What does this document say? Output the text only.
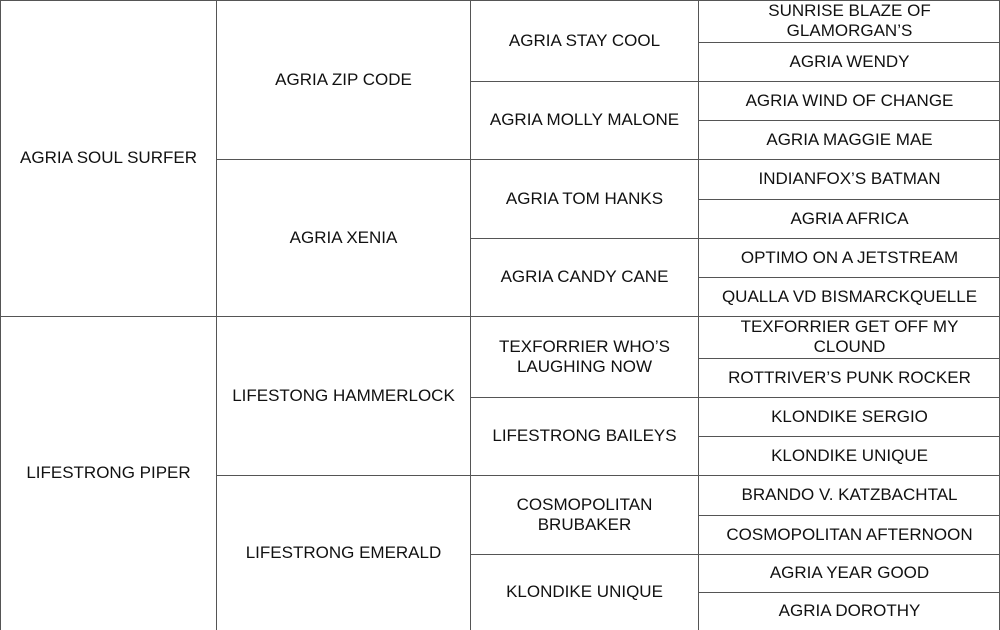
AGRIA SOUL SURFER
LIFESTRONG PIPER
AGRIA ZIP CODE
AGRIA XENIA
LIFESTONG HAMMERLOCK
LIFESTRONG EMERALD
AGRIA STAY COOL
AGRIA MOLLY MALONE
AGRIA TOM HANKS
AGRIA CANDY CANE
TEXFORRIER WHO’S
LAUGHING NOW
LIFESTRONG BAILEYS
COSMOPOLITAN
BRUBAKER
KLONDIKE UNIQUE
SUNRISE BLAZE OF
GLAMORGAN’S
AGRIA WENDY
AGRIA WIND OF CHANGE
AGRIA MAGGIE MAE
INDIANFOX’S BATMAN
AGRIA AFRICA
OPTIMO ON A JETSTREAM
QUALLA VD BISMARCKQUELLE
TEXFORRIER GET OFF MY
CLOUND
ROTTRIVER’S PUNK ROCKER
KLONDIKE SERGIO
KLONDIKE UNIQUE
BRANDO V. KATZBACHTAL
COSMOPOLITAN AFTERNOON
AGRIA YEAR GOOD
AGRIA DOROTHY
